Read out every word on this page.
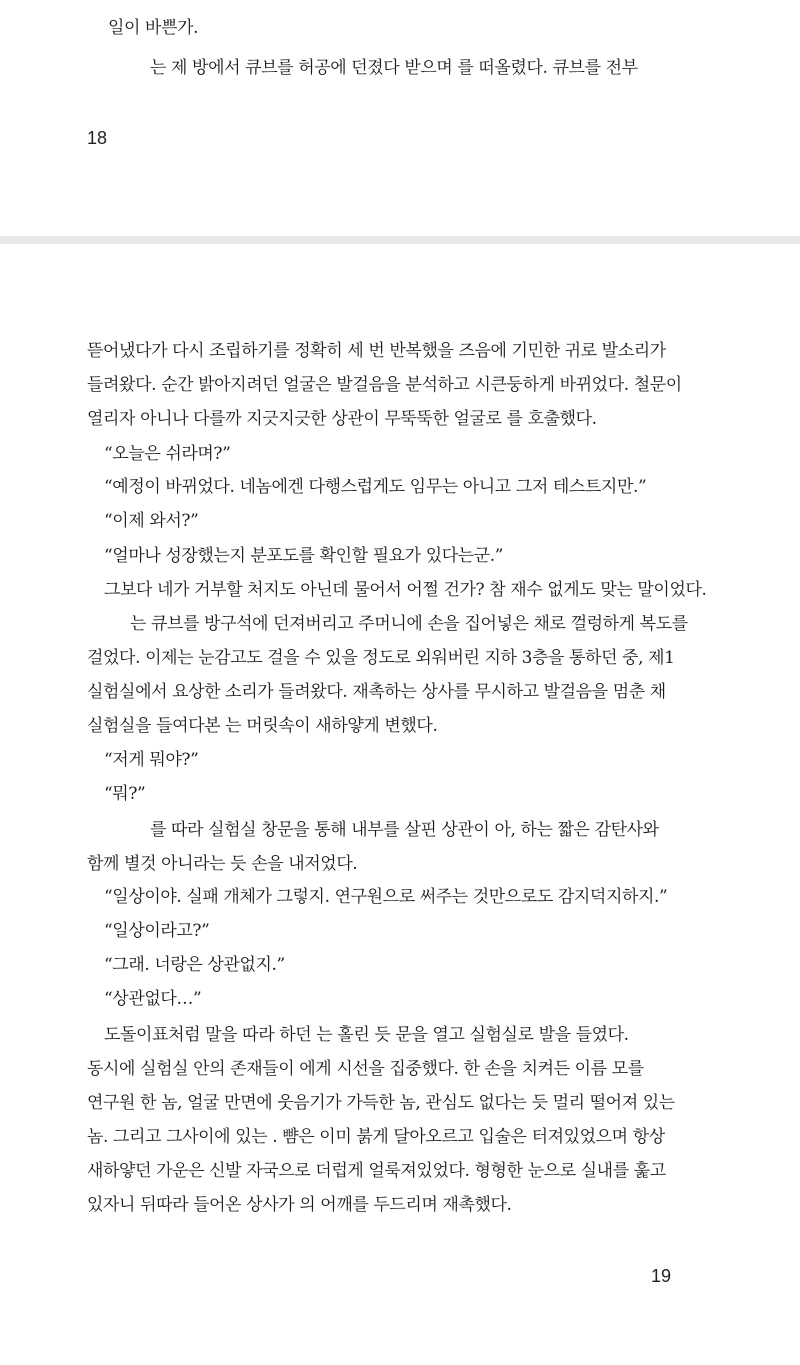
일이 바쁜가.
는 제 방에서 큐브를 허공에 던졌다 받으며 를 떠올렸다. 큐브를 전부
18
뜯어냈다가 다시 조립하기를 정확히 세 번 반복했을 즈음에 기민한 귀로 발소리가
들려왔다. 순간 밝아지려던 얼굴은 발걸음을 분석하고 시큰둥하게 바뀌었다. 철문이
열리자 아니나 다를까 지긋지긋한 상관이 무뚝뚝한 얼굴로 를 호출했다.
“오늘은 쉬라며?”
“예정이 바뀌었다. 네놈에겐 다행스럽게도 임무는 아니고 그저 테스트지만.”
“이제 와서?”
“얼마나 성장했는지 분포도를 확인할 필요가 있다는군.”
그보다 네가 거부할 처지도 아닌데 물어서 어쩔 건가? 참 재수 없게도 맞는 말이었다.
는 큐브를 방구석에 던져버리고 주머니에 손을 집어넣은 채로 껄렁하게 복도를
걸었다. 이제는 눈감고도 걸을 수 있을 정도로 외워버린 지하 3층을 통하던 중, 제1
실험실에서 요상한 소리가 들려왔다. 재촉하는 상사를 무시하고 발걸음을 멈춘 채
실험실을 들여다본 는 머릿속이 새하얗게 변했다.
“저게 뭐야?”
“뭐?”
를 따라 실험실 창문을 통해 내부를 살핀 상관이 아, 하는 짧은 감탄사와
함께 별것 아니라는 듯 손을 내저었다.
“일상이야. 실패 개체가 그렇지. 연구원으로 써주는 것만으로도 감지덕지하지.”
“일상이라고?”
“그래. 너랑은 상관없지.”
“상관없다…”
도돌이표처럼 말을 따라 하던 는 홀린 듯 문을 열고 실험실로 발을 들였다.
동시에 실험실 안의 존재들이 에게 시선을 집중했다. 한 손을 치켜든 이름 모를
연구원 한 놈, 얼굴 만면에 웃음기가 가득한 놈, 관심도 없다는 듯 멀리 떨어져 있는
놈. 그리고 그사이에 있는 . 뺨은 이미 붉게 달아오르고 입술은 터져있었으며 항상
새하얗던 가운은 신발 자국으로 더럽게 얼룩져있었다. 형형한 눈으로 실내를 훑고
있자니 뒤따라 들어온 상사가 의 어깨를 두드리며 재촉했다.
19
